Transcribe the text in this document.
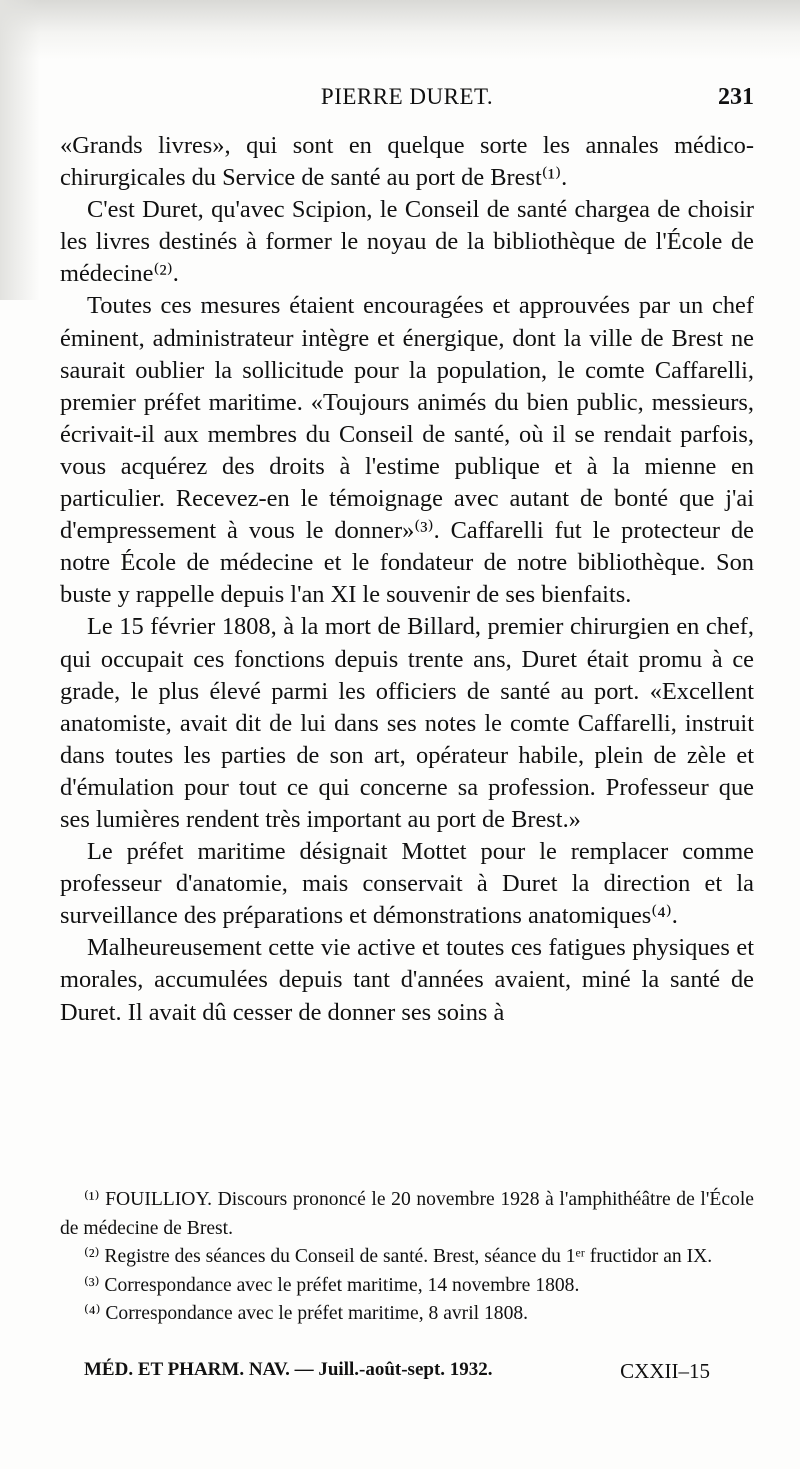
PIERRE DURET.	231

«Grands livres», qui sont en quelque sorte les annales médico-chirurgicales du Service de santé au port de Brest⁽¹⁾.

C'est Duret, qu'avec Scipion, le Conseil de santé chargea de choisir les livres destinés à former le noyau de la bibliothèque de l'École de médecine⁽²⁾.

Toutes ces mesures étaient encouragées et approuvées par un chef éminent, administrateur intègre et énergique, dont la ville de Brest ne saurait oublier la sollicitude pour la population, le comte Caffarelli, premier préfet maritime. «Toujours animés du bien public, messieurs, écrivait-il aux membres du Conseil de santé, où il se rendait parfois, vous acquérez des droits à l'estime publique et à la mienne en particulier. Recevez-en le témoignage avec autant de bonté que j'ai d'empressement à vous le donner»⁽³⁾. Caffarelli fut le protecteur de notre École de médecine et le fondateur de notre bibliothèque. Son buste y rappelle depuis l'an XI le souvenir de ses bienfaits.

Le 15 février 1808, à la mort de Billard, premier chirurgien en chef, qui occupait ces fonctions depuis trente ans, Duret était promu à ce grade, le plus élevé parmi les officiers de santé au port. «Excellent anatomiste, avait dit de lui dans ses notes le comte Caffarelli, instruit dans toutes les parties de son art, opérateur habile, plein de zèle et d'émulation pour tout ce qui concerne sa profession. Professeur que ses lumières rendent très important au port de Brest.»

Le préfet maritime désignait Mottet pour le remplacer comme professeur d'anatomie, mais conservait à Duret la direction et la surveillance des préparations et démonstrations anatomiques⁽⁴⁾.

Malheureusement cette vie active et toutes ces fatigues physiques et morales, accumulées depuis tant d'années avaient, miné la santé de Duret. Il avait dû cesser de donner ses soins à

⁽¹⁾ FOUILLIOY. Discours prononcé le 20 novembre 1928 à l'amphithéâtre de l'École de médecine de Brest.

⁽²⁾ Registre des séances du Conseil de santé. Brest, séance du 1ᵉʳ fructidor an IX.

⁽³⁾ Correspondance avec le préfet maritime, 14 novembre 1808.

⁽⁴⁾ Correspondance avec le préfet maritime, 8 avril 1808.

MÉD. ET PHARM. NAV. — Juill.-août-sept. 1932.	CXXII–15
